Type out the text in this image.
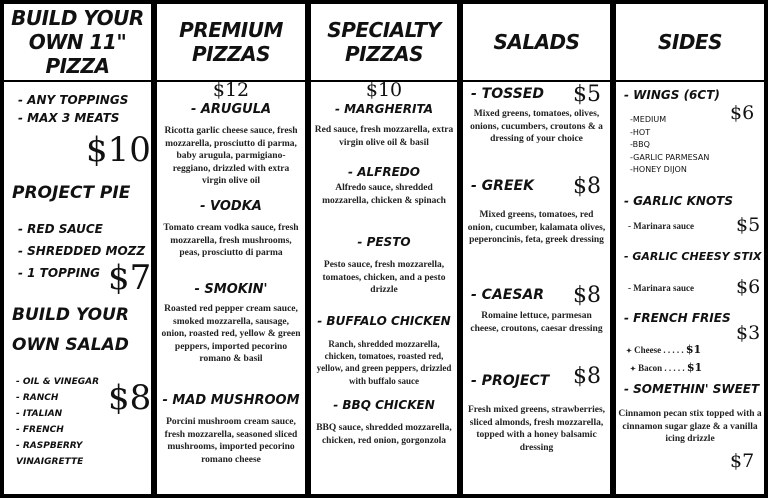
BUILD YOUR
OWN 11" PIZZA
- ANY TOPPINGS
- MAX 3 MEATS
$10
PROJECT PIE
- RED SAUCE
- SHREDDED MOZZ
- 1 TOPPING $7
BUILD YOUR
OWN SALAD
- OIL & VINEGAR
- RANCH
- ITALIAN
- FRENCH
- RASPBERRY VINAIGRETTE
$8
PREMIUM
PIZZAS
$12
- ARUGULA
Ricotta garlic cheese sauce, fresh mozzarella, prosciutto di parma, baby arugula, parmigiano-reggiano, drizzled with extra virgin olive oil
- VODKA
Tomato cream vodka sauce, fresh mozzarella, fresh mushrooms, peas, prosciutto di parma
- SMOKIN'
Roasted red pepper cream sauce, smoked mozzarella, sausage, onion, roasted red, yellow & green peppers, imported pecorino romano & basil
- MAD MUSHROOM
Porcini mushroom cream sauce, fresh mozzarella, seasoned sliced mushrooms, imported pecorino romano cheese
SPECIALTY
PIZZAS
$10
- MARGHERITA
Red sauce, fresh mozzarella, extra virgin olive oil & basil
- ALFREDO
Alfredo sauce, shredded mozzarella, chicken & spinach
- PESTO
Pesto sauce, fresh mozzarella, tomatoes, chicken, and a pesto drizzle
- BUFFALO CHICKEN
Ranch, shredded mozzarella, chicken, tomatoes, roasted red, yellow, and green peppers, drizzled with buffalo sauce
- BBQ CHICKEN
BBQ sauce, shredded mozzarella, chicken, red onion, gorgonzola
SALADS
- TOSSED $5
Mixed greens, tomatoes, olives, onions, cucumbers, croutons & a dressing of your choice
- GREEK $8
Mixed greens, tomatoes, red onion, cucumber, kalamata olives, peperoncinis, feta, greek dressing
- CAESAR $8
Romaine lettuce, parmesan cheese, croutons, caesar dressing
- PROJECT $8
Fresh mixed greens, strawberries, sliced almonds, fresh mozzarella, topped with a honey balsamic dressing
SIDES
- WINGS (6CT)
$6
-MEDIUM
-HOT
-BBQ
-GARLIC PARMESAN
-HONEY DIJON
- GARLIC KNOTS
- Marinara sauce $5
- GARLIC CHEESY STIX
- Marinara sauce $6
- FRENCH FRIES
$3
✦ Cheese . . . . . $1
✦ Bacon . . . . . $1
- SOMETHIN' SWEET
Cinnamon pecan stix topped with a cinnamon sugar glaze & a vanilla icing drizzle
$7
